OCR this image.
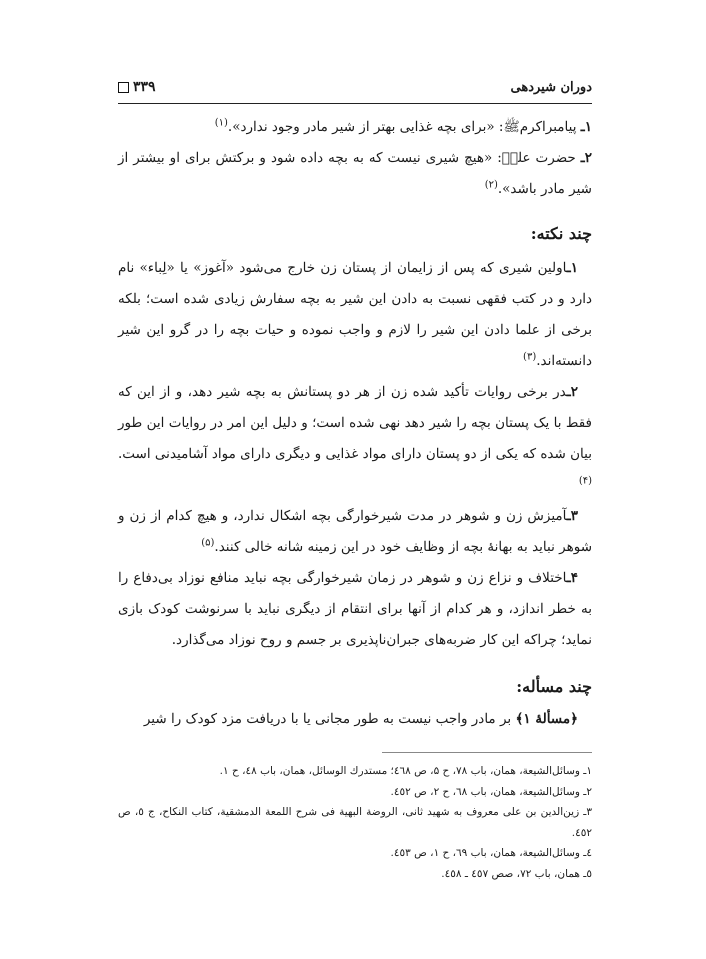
دوران شیردهی
۳۳۹

۱ـ پیامبراکرمﷺ: «برای بچه غذایی بهتر از شیر مادر وجود ندارد».$^{(۱)}$

۲ـ حضرت علیؑ: «هیچ شیری نیست که به بچه داده شود و برکتش برای او بیشتر از شیر مادر باشد».$^{(۲)}$

چند نکته:

۱ـاولین شیری که پس از زایمان از پستان زن خارج می‌شود «آغوز» یا «لِباء» نام دارد و در کتب فقهی نسبت به دادن این شیر به بچه سفارش زیادی شده است؛ بلکه برخی از علما دادن این شیر را لازم و واجب نموده و حیات بچه را در گرو این شیر دانسته‌اند.$^{(۳)}$

۲ـدر برخی روایات تأکید شده زن از هر دو پستانش به بچه شیر دهد، و از این که فقط با یک پستان بچه را شیر دهد نهی شده است؛ و دلیل این امر در روایات این طور بیان شده که یکی از دو پستان دارای مواد غذایی و دیگری دارای مواد آشامیدنی است.$^{(۴)}$

۳ـآمیزش زن و شوهر در مدت شیرخوارگی بچه اشکال ندارد، و هیچ کدام از زن و شوهر نباید به بهانهٔ بچه از وظایف خود در این زمینه شانه خالی کنند.$^{(۵)}$

۴ـاختلاف و نزاع زن و شوهر در زمان شیرخوارگی بچه نباید منافع نوزاد بی‌دفاع را به خطر اندازد، و هر کدام از آنها برای انتقام از دیگری نباید با سرنوشت کودک بازی نماید؛ چراکه این کار ضربه‌های جبران‌ناپذیری بر جسم و روح نوزاد می‌گذارد.

چند مسأله:

﴿مسألهٔ ۱﴾ بر مادر واجب نیست به طور مجانی یا با دریافت مزد کودک را شیر

۱ـ وسائل‌الشیعة، همان، باب ۷۸، ح ۵، ص ٤٦۸؛ مستدرك الوسائل، همان، باب ٤۸، ح ۱.

۲ـ وسائل‌الشیعة، همان، باب ٦۸، ح ۲، ص ٤٥۲.

۳ـ زین‌الدین بن علی معروف به شهید ثانی، الروضة البهیة فی شرح اللمعة الدمشقیة، کتاب النکاح، ج ٥، ص ٤٥۲.

٤ـ وسائل‌الشیعة، همان، باب ٦۹، ح ۱، ص ٤٥۳.

٥ـ همان، باب ۷۲، صص ٤٥۷ ـ ٤٥۸.
